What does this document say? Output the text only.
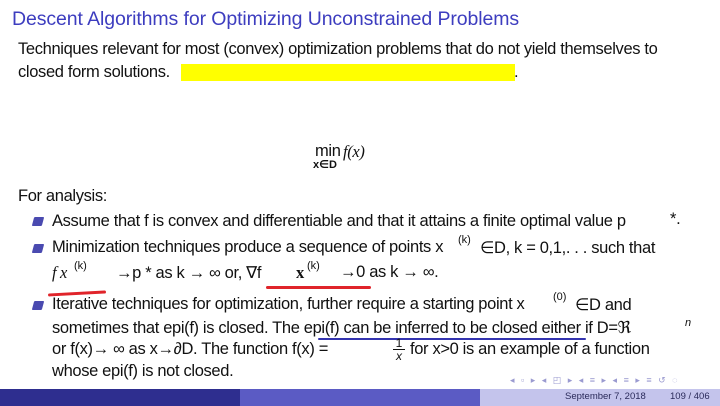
Descent Algorithms for Optimizing Unconstrained Problems
Techniques relevant for most (convex) optimization problems that do not yield themselves to
closed form solutions.	.
min f(x)
x∈D
For analysis:
Assume that f is convex and differentiable and that it attains a finite optimal value p	*.
Minimization techniques produce a sequence of points x (k) ∈D, k = 0,1,. . . such that
f x (k) →p * as k → ∞ or, ∇f x (k) →0 as k → ∞.
Iterative techniques for optimization, further require a starting point x	(0) ∈D and
sometimes that epi(f) is closed. The epi(f) can be inferred to be closed either if D=ℜ	n
or f(x)→ ∞ as x→∂D. The function f(x) =	$\frac{1}{x}$ for x>0 is an example of a function
whose epi(f) is not closed.	◂ ▫ ▸ ◂ ◰ ▸ ◂ ≡ ▸ ◂ ≡ ▸ ≡ ↺ ◌
September 7, 2018	109 / 406
